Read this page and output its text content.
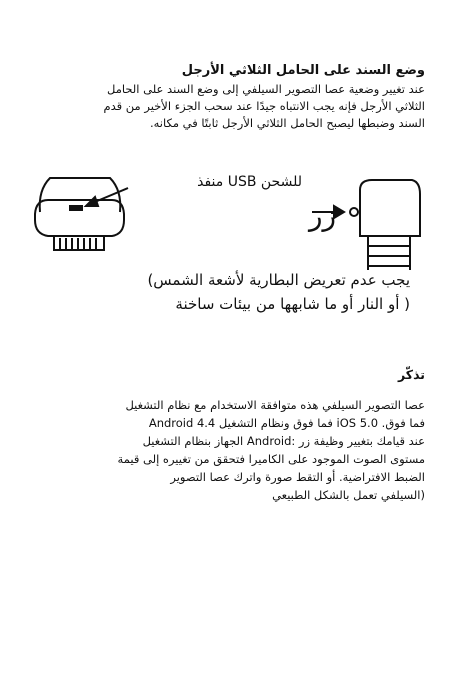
وضع السند على الحامل الثلاثي الأرجل

عند تغيير وضعية عصا التصوير السيلفي إلى وضع السند على الحامل

الثلاثي الأرجل فإنه يجب الانتباه جيدًا عند سحب الجزء الأخير من قدم

السند وضبطها ليصبح الحامل الثلاثي الأرجل ثابتًا في مكانه.

للشحن USB منفذ
زر

يجب عدم تعريض البطارية لأشعة الشمس)

( أو النار أو ما شابهها من بيئات ساخنة

تذكّر

عصا التصوير السيلفي هذه متوافقة الاستخدام مع نظام التشغيل

فما فوق. iOS 5.0 فما فوق ونظام التشغيل Android 4.4

عند قيامك بتغيير وظيفة زر :Android الجهاز بنظام التشغيل

مستوى الصوت الموجود على الكاميرا فتحقق من تغييره إلى قيمة

الضبط الافتراضية. أو التقط صورة واترك عصا التصوير

(السيلفي تعمل بالشكل الطبيعي
